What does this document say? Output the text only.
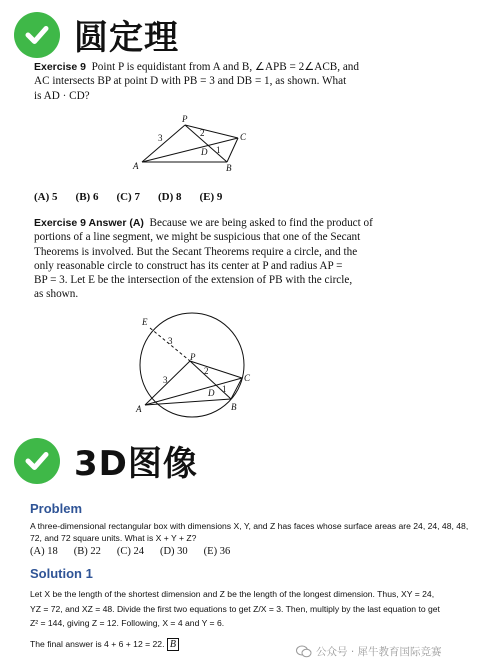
圆定理
Exercise 9 Point P is equidistant from A and B, ∠APB = 2∠ACB, and
AC intersects BP at point D with PB = 3 and DB = 1, as shown. What
is AD · CD?
P
A	B
C
D
3	2
1
(A) 5 (B) 6 (C) 7 (D) 8 (E) 9
Exercise 9 Answer (A) Because we are being asked to find the product of
portions of a line segment, we might be suspicious that one of the Secant
Theorems is involved. But the Secant Theorems require a circle, and the
only reasonable circle to construct has its center at P and radius AP =
BP = 3. Let E be the intersection of the extension of PB with the circle,
as shown.
E
P
A	B
C
D
3
3
2
1
3D图像
Problem
A three-dimensional rectangular box with dimensions X, Y, and Z has faces whose surface areas are 24, 24, 48, 48,
72, and 72 square units. What is X + Y + Z?
(A) 18 (B) 22 (C) 24 (D) 30 (E) 36
Solution 1
Let X be the length of the shortest dimension and Z be the length of the longest dimension. Thus, XY = 24,
YZ = 72, and XZ = 48. Divide the first two equations to get Z/X = 3. Then, multiply by the last equation to get
Z² = 144, giving Z = 12. Following, X = 4 and Y = 6.
The final answer is 4 + 6 + 12 = 22. B
公众号 · 犀牛教育国际竞赛
